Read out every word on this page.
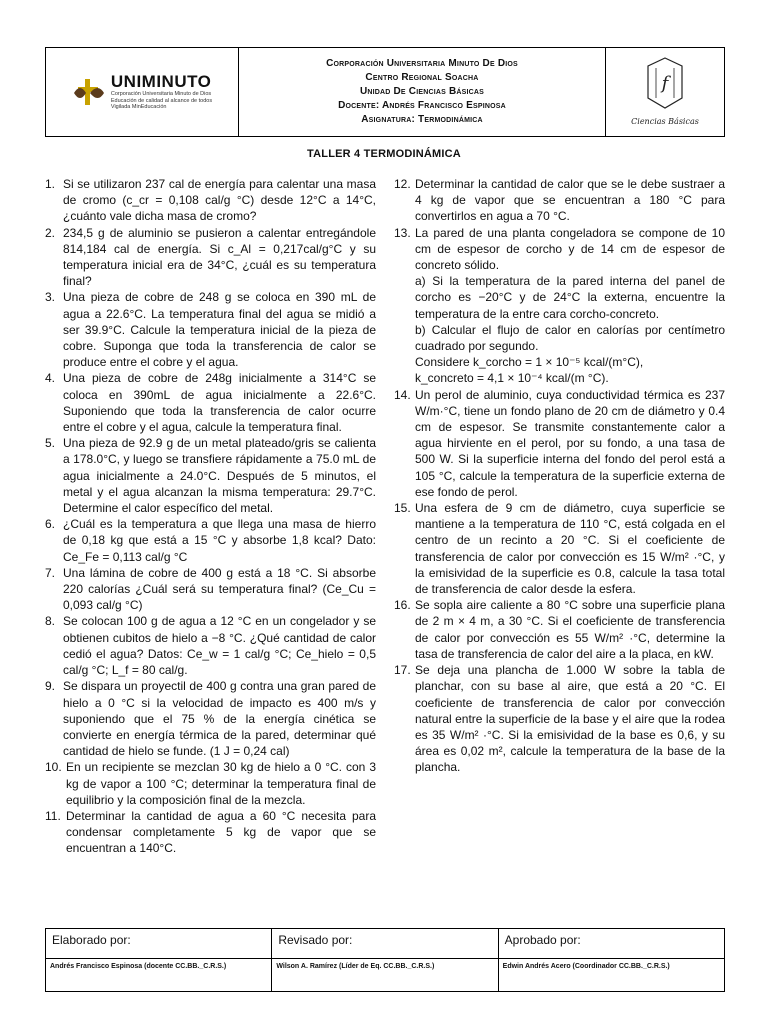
UNIMINUTO
Corporación Universitaria Minuto de Dios
Educación de calidad al alcance de todos
Vigilada MinEducación
Corporación Universitaria Minuto De Dios
Centro Regional Soacha
Unidad De Ciencias Básicas
Docente: Andrés Francisco Espinosa
Asignatura: Termodinámica
f
Ciencias Básicas
TALLER 4 TERMODINÁMICA
1. Si se utilizaron 237 cal de energía para calentar una masa de cromo (c_cr = 0,108 cal/g °C) desde 12°C a 14°C, ¿cuánto vale dicha masa de cromo?
2. 234,5 g de aluminio se pusieron a calentar entregándole 814,184 cal de energía. Si c_Al = 0,217cal/g°C y su temperatura inicial era de 34°C, ¿cuál es su temperatura final?
3. Una pieza de cobre de 248 g se coloca en 390 mL de agua a 22.6°C. La temperatura final del agua se midió a ser 39.9°C. Calcule la temperatura inicial de la pieza de cobre. Suponga que toda la transferencia de calor se produce entre el cobre y el agua.
4. Una pieza de cobre de 248g inicialmente a 314°C se coloca en 390mL de agua inicialmente a 22.6°C. Suponiendo que toda la transferencia de calor ocurre entre el cobre y el agua, calcule la temperatura final.
5. Una pieza de 92.9 g de un metal plateado/gris se calienta a 178.0°C, y luego se transfiere rápidamente a 75.0 mL de agua inicialmente a 24.0°C. Después de 5 minutos, el metal y el agua alcanzan la misma temperatura: 29.7°C. Determine el calor específico del metal.
6. ¿Cuál es la temperatura a que llega una masa de hierro de 0,18 kg que está a 15 °C y absorbe 1,8 kcal? Dato: Ce_Fe = 0,113 cal/g °C
7. Una lámina de cobre de 400 g está a 18 °C. Si absorbe 220 calorías ¿Cuál será su temperatura final? (Ce_Cu = 0,093 cal/g °C)
8. Se colocan 100 g de agua a 12 °C en un congelador y se obtienen cubitos de hielo a −8 °C. ¿Qué cantidad de calor cedió el agua? Datos: Ce_w = 1 cal/g °C; Ce_hielo = 0,5 cal/g °C; L_f = 80 cal/g.
9. Se dispara un proyectil de 400 g contra una gran pared de hielo a 0 °C si la velocidad de impacto es 400 m/s y suponiendo que el 75 % de la energía cinética se convierte en energía térmica de la pared, determinar qué cantidad de hielo se funde. (1 J = 0,24 cal)
10. En un recipiente se mezclan 30 kg de hielo a 0 °C. con 3 kg de vapor a 100 °C; determinar la temperatura final de equilibrio y la composición final de la mezcla.
11. Determinar la cantidad de agua a 60 °C necesita para condensar completamente 5 kg de vapor que se encuentran a 140°C.
12. Determinar la cantidad de calor que se le debe sustraer a 4 kg de vapor que se encuentran a 180 °C para convertirlos en agua a 70 °C.
13. La pared de una planta congeladora se compone de 10 cm de espesor de corcho y de 14 cm de espesor de concreto sólido.
a) Si la temperatura de la pared interna del panel de corcho es −20°C y de 24°C la externa, encuentre la temperatura de la entre cara corcho-concreto.
b) Calcular el flujo de calor en calorías por centímetro cuadrado por segundo.
Considere k_corcho = 1 × 10⁻⁵ kcal/(m°C),
k_concreto = 4,1 × 10⁻⁴ kcal/(m °C).
14. Un perol de aluminio, cuya conductividad térmica es 237 W/m·°C, tiene un fondo plano de 20 cm de diámetro y 0.4 cm de espesor. Se transmite constantemente calor a agua hirviente en el perol, por su fondo, a una tasa de 500 W. Si la superficie interna del fondo del perol está a 105 °C, calcule la temperatura de la superficie externa de ese fondo de perol.
15. Una esfera de 9 cm de diámetro, cuya superficie se mantiene a la temperatura de 110 °C, está colgada en el centro de un recinto a 20 °C. Si el coeficiente de transferencia de calor por convección es 15 W/m² ·°C, y la emisividad de la superficie es 0.8, calcule la tasa total de transferencia de calor desde la esfera.
16. Se sopla aire caliente a 80 °C sobre una superficie plana de 2 m × 4 m, a 30 °C. Si el coeficiente de transferencia de calor por convección es 55 W/m² ·°C, determine la tasa de transferencia de calor del aire a la placa, en kW.
17. Se deja una plancha de 1.000 W sobre la tabla de planchar, con su base al aire, que está a 20 °C. El coeficiente de transferencia de calor por convección natural entre la superficie de la base y el aire que la rodea es 35 W/m² ·°C. Si la emisividad de la base es 0,6, y su área es 0,02 m², calcule la temperatura de la base de la plancha.
Elaborado por:
Andrés Francisco Espinosa (docente CC.BB._C.R.S.)
Revisado por:
Wilson A. Ramírez (Líder de Eq. CC.BB._C.R.S.)
Aprobado por:
Edwin Andrés Acero (Coordinador CC.BB._C.R.S.)
